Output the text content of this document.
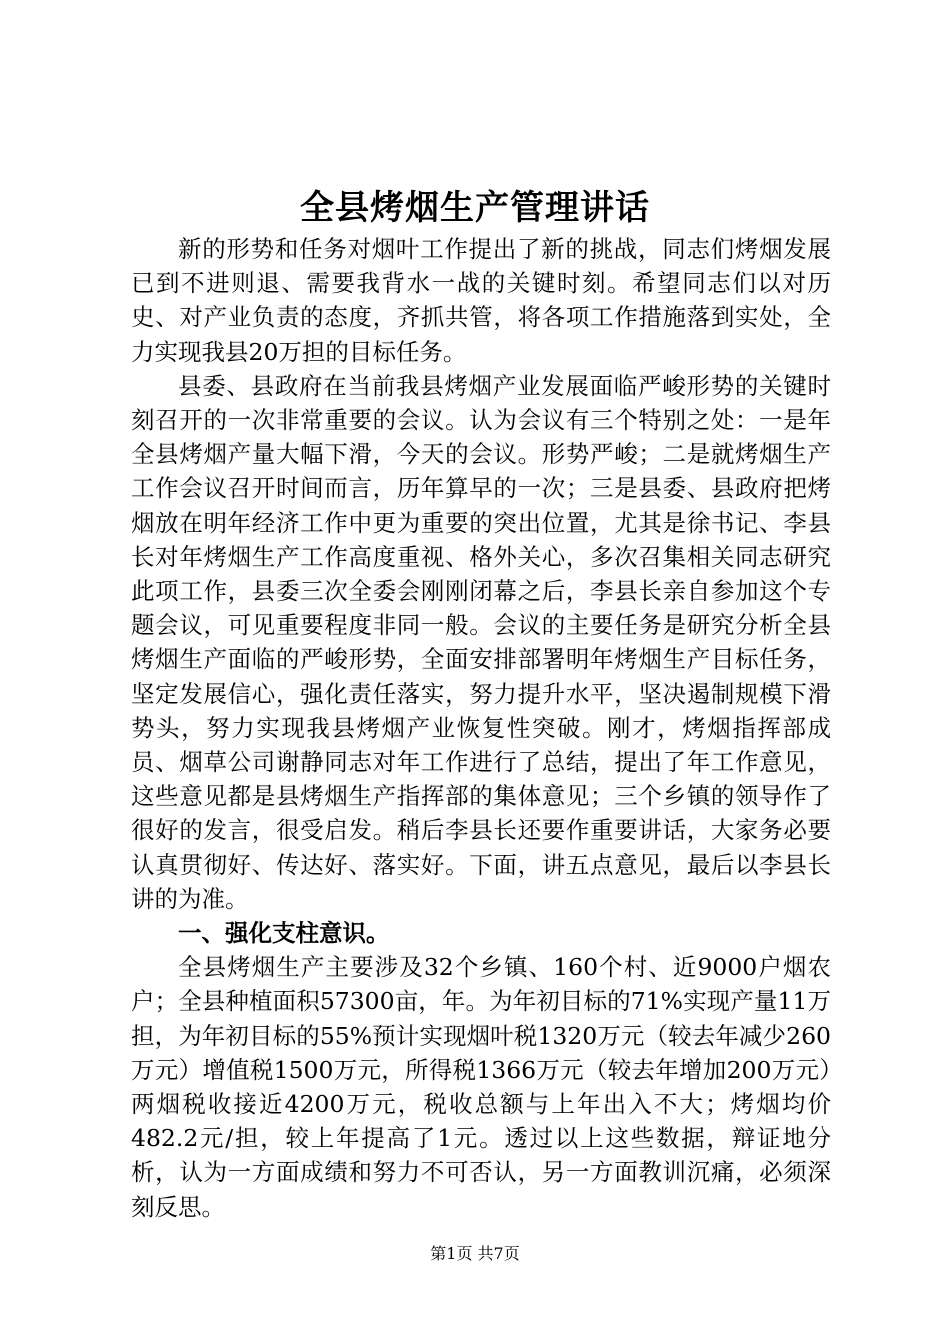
全县烤烟生产管理讲话

新的形势和任务对烟叶工作提出了新的挑战，同志们烤烟发展已到不进则退、需要我背水一战的关键时刻。希望同志们以对历史、对产业负责的态度，齐抓共管，将各项工作措施落到实处，全力实现我县20万担的目标任务。

县委、县政府在当前我县烤烟产业发展面临严峻形势的关键时刻召开的一次非常重要的会议。认为会议有三个特别之处：一是年全县烤烟产量大幅下滑，今天的会议。形势严峻；二是就烤烟生产工作会议召开时间而言，历年算早的一次；三是县委、县政府把烤烟放在明年经济工作中更为重要的突出位置，尤其是徐书记、李县长对年烤烟生产工作高度重视、格外关心，多次召集相关同志研究此项工作，县委三次全委会刚刚闭幕之后，李县长亲自参加这个专题会议，可见重要程度非同一般。会议的主要任务是研究分析全县烤烟生产面临的严峻形势，全面安排部署明年烤烟生产目标任务，坚定发展信心，强化责任落实，努力提升水平，坚决遏制规模下滑势头，努力实现我县烤烟产业恢复性突破。刚才，烤烟指挥部成员、烟草公司谢静同志对年工作进行了总结，提出了年工作意见，这些意见都是县烤烟生产指挥部的集体意见；三个乡镇的领导作了很好的发言，很受启发。稍后李县长还要作重要讲话，大家务必要认真贯彻好、传达好、落实好。下面，讲五点意见，最后以李县长讲的为准。

一、强化支柱意识。

全县烤烟生产主要涉及32个乡镇、160个村、近9000户烟农户；全县种植面积57300亩，年。为年初目标的71%实现产量11万担，为年初目标的55%预计实现烟叶税1320万元（较去年减少260万元）增值税1500万元，所得税1366万元（较去年增加200万元）两烟税收接近4200万元，税收总额与上年出入不大；烤烟均价482.2元/担，较上年提高了1元。透过以上这些数据，辩证地分析，认为一方面成绩和努力不可否认，另一方面教训沉痛，必须深刻反思。

第1页 共7页
